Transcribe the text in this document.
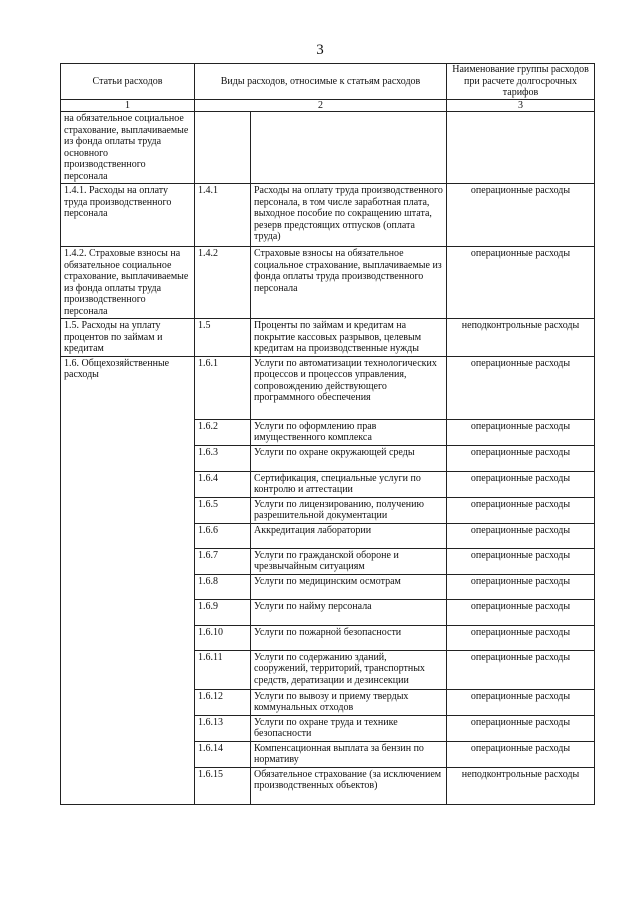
3
Статьи расходов	Виды расходов, относимые к статьям расходов		Наименование группы расходов при расчете долгосрочных тарифов
1	2		3
на обязательное социальное страхование, выплачиваемые из фонда оплаты труда основного производственного персонала			
1.4.1. Расходы на оплату труда производственного персонала	1.4.1	Расходы на оплату труда производственного персонала, в том числе заработная плата, выходное пособие по сокращению штата, резерв предстоящих отпусков (оплата труда)	операционные расходы
1.4.2. Страховые взносы на обязательное социальное страхование, выплачиваемые из фонда оплаты труда производственного персонала	1.4.2	Страховые взносы на обязательное социальное страхование, выплачиваемые из фонда оплаты труда производственного персонала	операционные расходы
1.5. Расходы на уплату процентов по займам и кредитам	1.5	Проценты по займам и кредитам на покрытие кассовых разрывов, целевым кредитам на производственные нужды	неподконтрольные расходы
1.6. Общехозяйственные расходы	1.6.1	Услуги по автоматизации технологических процессов и процессов управления, сопровождению действующего программного обеспечения	операционные расходы
	1.6.2	Услуги по оформлению прав имущественного комплекса	операционные расходы
	1.6.3	Услуги по охране окружающей среды	операционные расходы
	1.6.4	Сертификация, специальные услуги по контролю и аттестации	операционные расходы
	1.6.5	Услуги по лицензированию, получению разрешительной документации	операционные расходы
	1.6.6	Аккредитация лаборатории	операционные расходы
	1.6.7	Услуги по гражданской обороне и чрезвычайным ситуациям	операционные расходы
	1.6.8	Услуги по медицинским осмотрам	операционные расходы
	1.6.9	Услуги по найму персонала	операционные расходы
	1.6.10	Услуги по пожарной безопасности	операционные расходы
	1.6.11	Услуги по содержанию зданий, сооружений, территорий, транспортных средств, дератизации и дезинсекции	операционные расходы
	1.6.12	Услуги по вывозу и приему твердых коммунальных отходов	операционные расходы
	1.6.13	Услуги по охране труда и технике безопасности	операционные расходы
	1.6.14	Компенсационная выплата за бензин по нормативу	операционные расходы
	1.6.15	Обязательное страхование (за исключением производственных объектов)	неподконтрольные расходы
